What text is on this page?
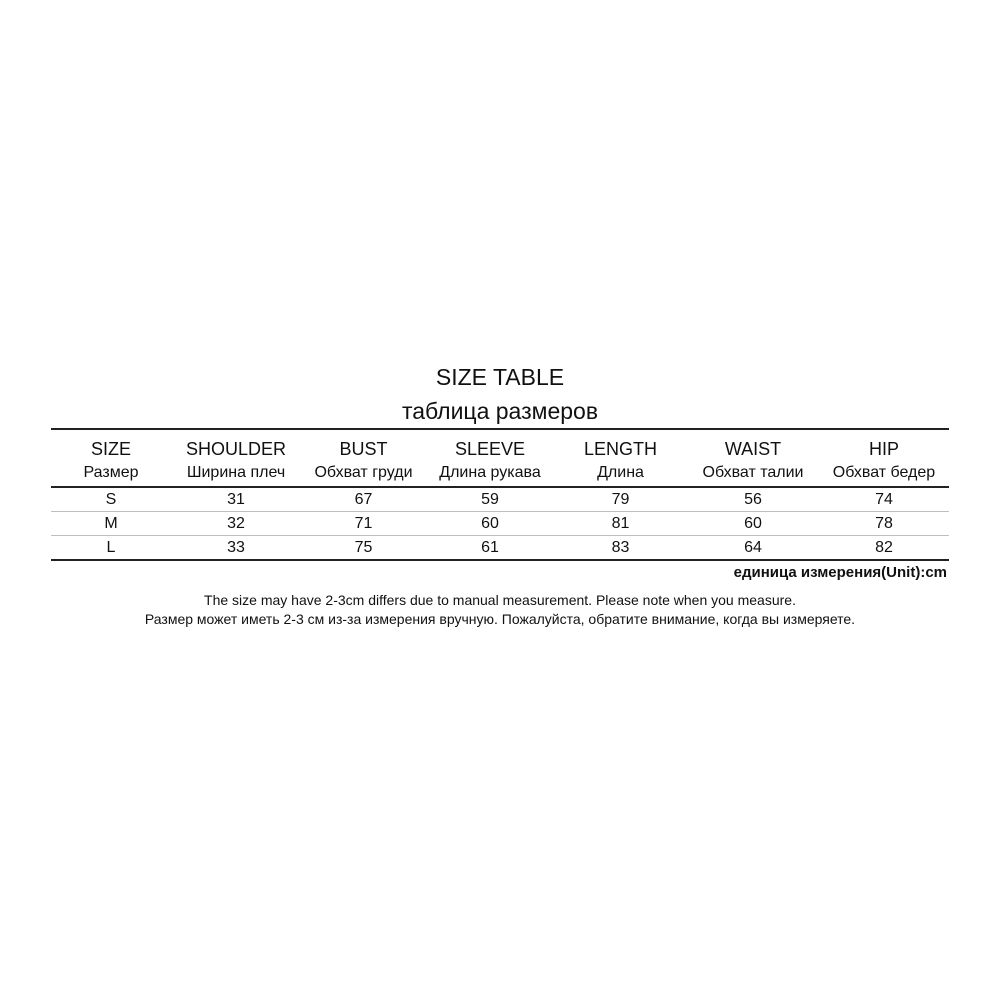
SIZE TABLE
таблица размеров
SIZE	SHOULDER	BUST	SLEEVE	LENGTH	WAIST	HIP
Размер	Ширина плеч	Обхват груди	Длина рукава	Длина	Обхват талии	Обхват бедер
S	31	67	59	79	56	74
M	32	71	60	81	60	78
L	33	75	61	83	64	82
единица измерения(Unit):cm
The size may have 2-3cm differs due to manual measurement. Please note when you measure.
Размер может иметь 2-3 см из-за измерения вручную. Пожалуйста, обратите внимание, когда вы измеряете.
